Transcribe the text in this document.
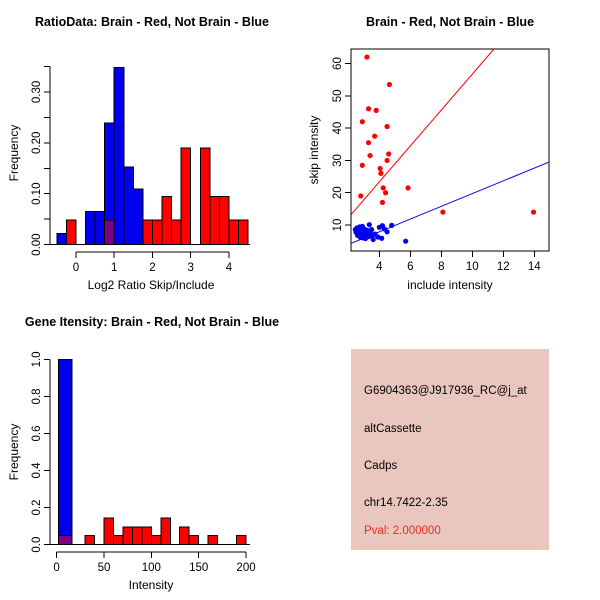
0	1	2	3	4
0.00
0.10
0.20
0.30
RatioData: Brain - Red, Not Brain - Blue
Log2 Ratio Skip/Include
Frequency
4 6 8 10 12 14
10
20
30
40
50
60
Brain - Red, Not Brain - Blue
include intensity
skip intensity
0	50	100 150 200
0.0
0.2
0.4
0.6
0.8
1.0
Gene Itensity: Brain - Red, Not Brain - Blue
Intensity
Frequency
G6904363@J917936_RC@j_at
altCassette
Cadps
chr14.7422-2.35
Pval: 2.000000
